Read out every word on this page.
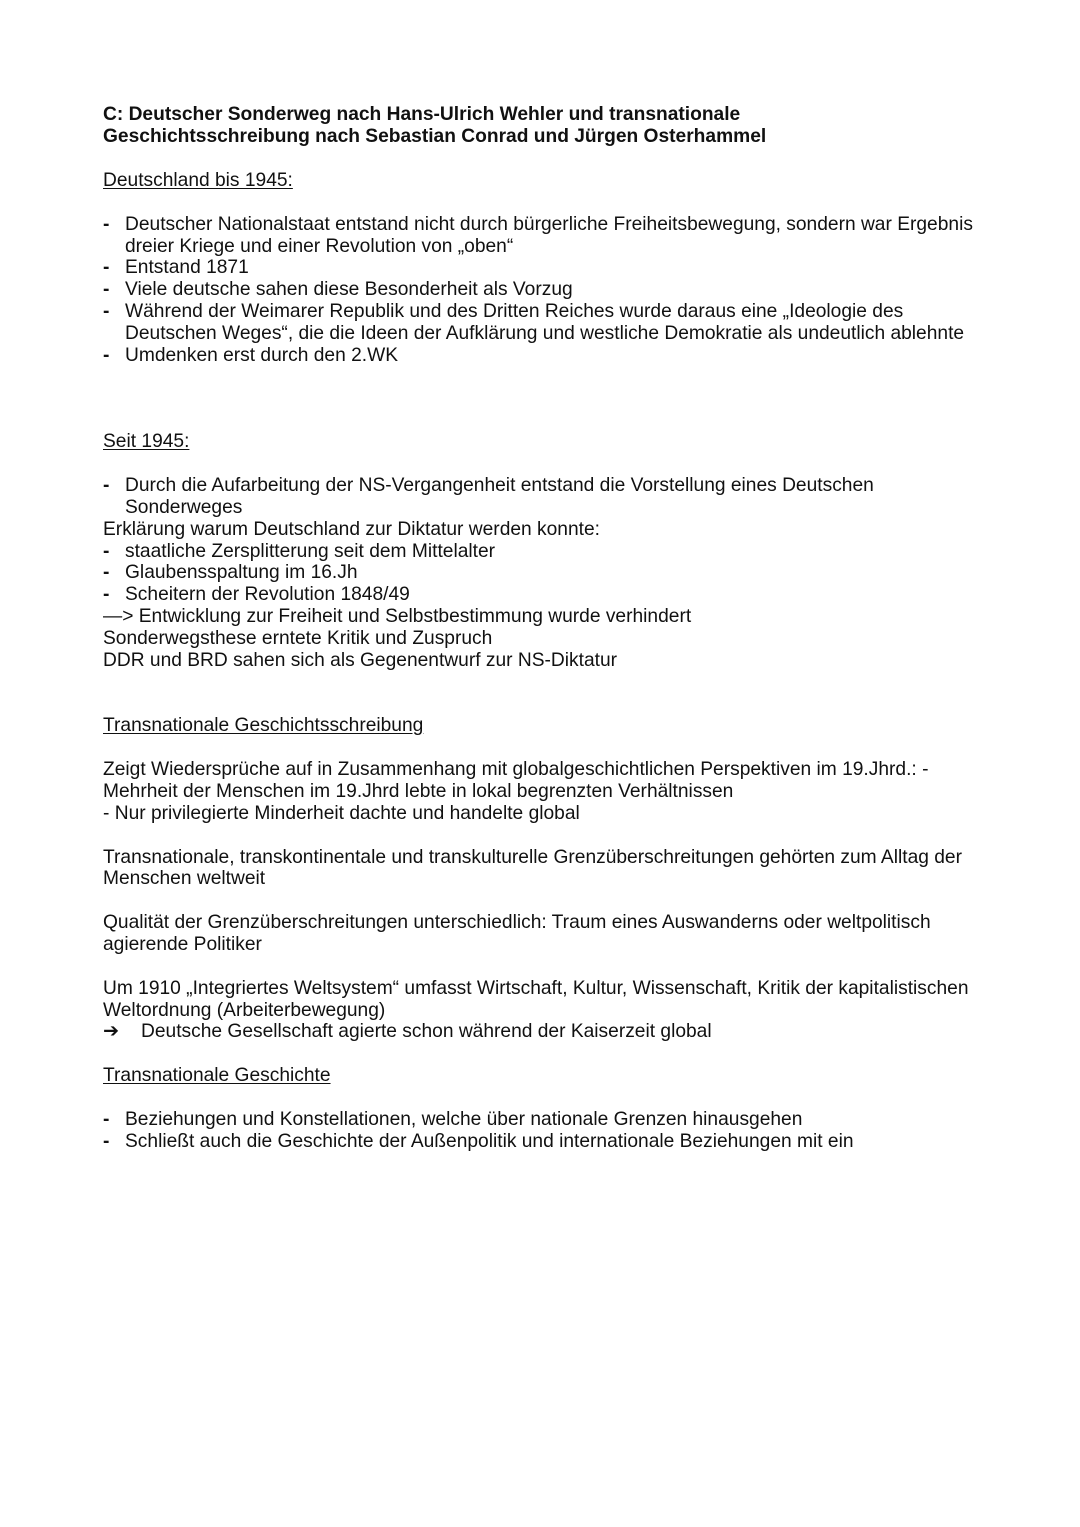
C: Deutscher Sonderweg nach Hans-Ulrich Wehler und transnationale
Geschichtsschreibung nach Sebastian Conrad und Jürgen Osterhammel
Deutschland bis 1945:
- Deutscher Nationalstaat entstand nicht durch bürgerliche Freiheitsbewegung, sondern war Ergebnis dreier Kriege und einer Revolution von „oben“
- Entstand 1871
- Viele deutsche sahen diese Besonderheit als Vorzug
- Während der Weimarer Republik und des Dritten Reiches wurde daraus eine „Ideologie des Deutschen Weges“, die die Ideen der Aufklärung und westliche Demokratie als undeutlich ablehnte
- Umdenken erst durch den 2.WK
Seit 1945:
- Durch die Aufarbeitung der NS-Vergangenheit entstand die Vorstellung eines Deutschen Sonderweges
Erklärung warum Deutschland zur Diktatur werden konnte:
- staatliche Zersplitterung seit dem Mittelalter
- Glaubensspaltung im 16.Jh
- Scheitern der Revolution 1848/49
—> Entwicklung zur Freiheit und Selbstbestimmung wurde verhindert
Sonderwegsthese erntete Kritik und Zuspruch
DDR und BRD sahen sich als Gegenentwurf zur NS-Diktatur
Transnationale Geschichtsschreibung
Zeigt Wiedersprüche auf in Zusammenhang mit globalgeschichtlichen Perspektiven im 19.Jhrd.: -
Mehrheit der Menschen im 19.Jhrd lebte in lokal begrenzten Verhältnissen
- Nur privilegierte Minderheit dachte und handelte global
Transnationale, transkontinentale und transkulturelle Grenzüberschreitungen gehörten zum Alltag der Menschen weltweit
Qualität der Grenzüberschreitungen unterschiedlich: Traum eines Auswanderns oder weltpolitisch agierende Politiker
Um 1910 „Integriertes Weltsystem“ umfasst Wirtschaft, Kultur, Wissenschaft, Kritik der kapitalistischen Weltordnung (Arbeiterbewegung)
➔ Deutsche Gesellschaft agierte schon während der Kaiserzeit global
Transnationale Geschichte
- Beziehungen und Konstellationen, welche über nationale Grenzen hinausgehen
- Schließt auch die Geschichte der Außenpolitik und internationale Beziehungen mit ein
